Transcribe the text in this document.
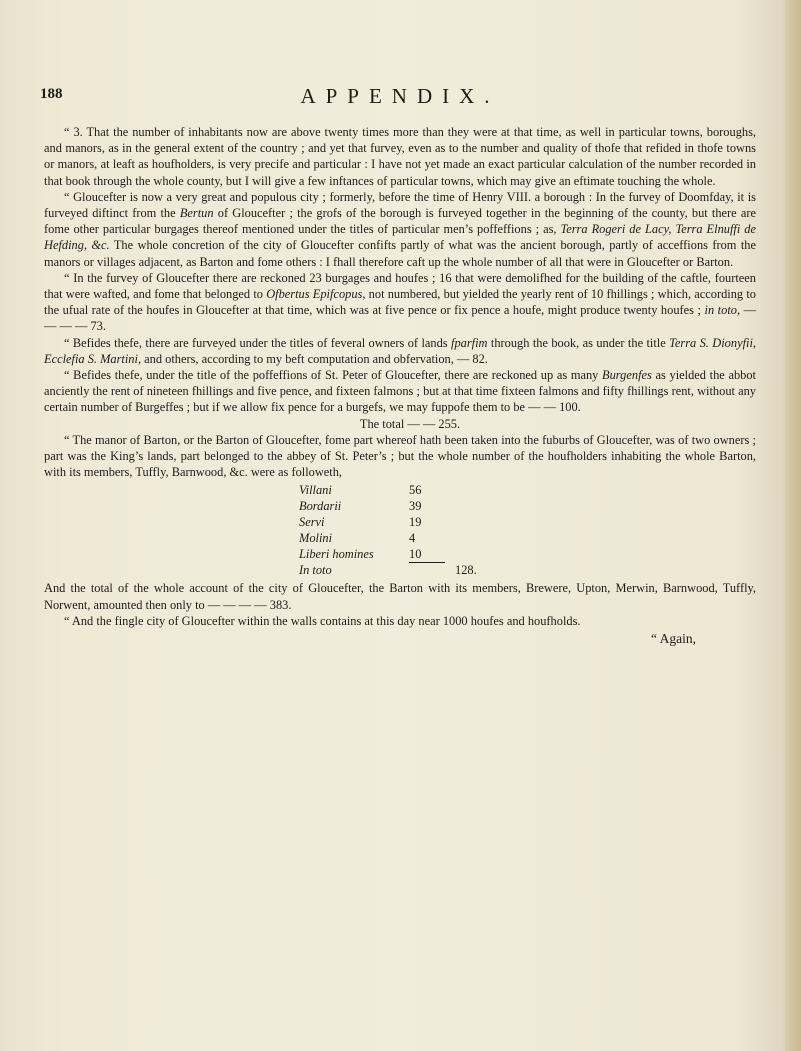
188	APPENDIX.

“ 3. That the number of inhabitants now are above twenty times more than they were at that time, as well in particular towns, boroughs, and manors, as in the general extent of the country ; and yet that furvey, even as to the number and quality of thofe that refided in thofe towns or manors, at leaft as houfholders, is very precife and particular : I have not yet made an exact particular calculation of the number recorded in that book through the whole county, but I will give a few inftances of particular towns, which may give an eftimate touching the whole.

“ Gloucefter is now a very great and populous city ; formerly, before the time of Henry VIII. a borough : In the furvey of Doomfday, it is furveyed diftinct from the Bertun of Gloucefter ; the grofs of the borough is furveyed together in the beginning of the county, but there are fome other particular burgages thereof mentioned under the titles of particular men’s poffeffions ; as, Terra Rogeri de Lacy, Terra Elnuffi de Hefding, &c. The whole concretion of the city of Gloucefter confifts partly of what was the ancient borough, partly of acceffions from the manors or villages adjacent, as Barton and fome others : I fhall therefore caft up the whole number of all that were in Gloucefter or Barton.

“ In the furvey of Gloucefter there are reckoned 23 burgages and houfes ; 16 that were demolifhed for the building of the caftle, fourteen that were wafted, and fome that belonged to Ofbertus Epifcopus, not numbered, but yielded the yearly rent of 10 fhillings ; which, according to the ufual rate of the houfes in Gloucefter at that time, which was at five pence or fix pence a houfe, might produce twenty houfes ; in toto, — — — — 73.

“ Befides thefe, there are furveyed under the titles of feveral owners of lands fparfim through the book, as under the title Terra S. Dionyfii, Ecclefia S. Martini, and others, according to my beft computation and obfervation, — 82.

“ Befides thefe, under the title of the poffeffions of St. Peter of Gloucefter, there are reckoned up as many Burgenfes as yielded the abbot anciently the rent of nineteen fhillings and five pence, and fixteen falmons ; but at that time fixteen falmons and fifty fhillings rent, without any certain number of Burgeffes ; but if we allow fix pence for a burgefs, we may fuppofe them to be — — 100.

The total — — 255.

“ The manor of Barton, or the Barton of Gloucefter, fome part whereof hath been taken into the fuburbs of Gloucefter, was of two owners ; part was the King’s lands, part belonged to the abbey of St. Peter’s ; but the whole number of the houfholders inhabiting the whole Barton, with its members, Tuffly, Barnwood, &c. were as followeth,

Villani	56
Bordarii	39
Servi	19
Molini	4
Liberi homines	10
In toto	128.

And the total of the whole account of the city of Gloucefter, the Barton with its members, Brewere, Upton, Merwin, Barnwood, Tuffly, Norwent, amounted then only to — — — — 383.

“ And the fingle city of Gloucefter within the walls contains at this day near 1000 houfes and houfholds.

“ Again,
